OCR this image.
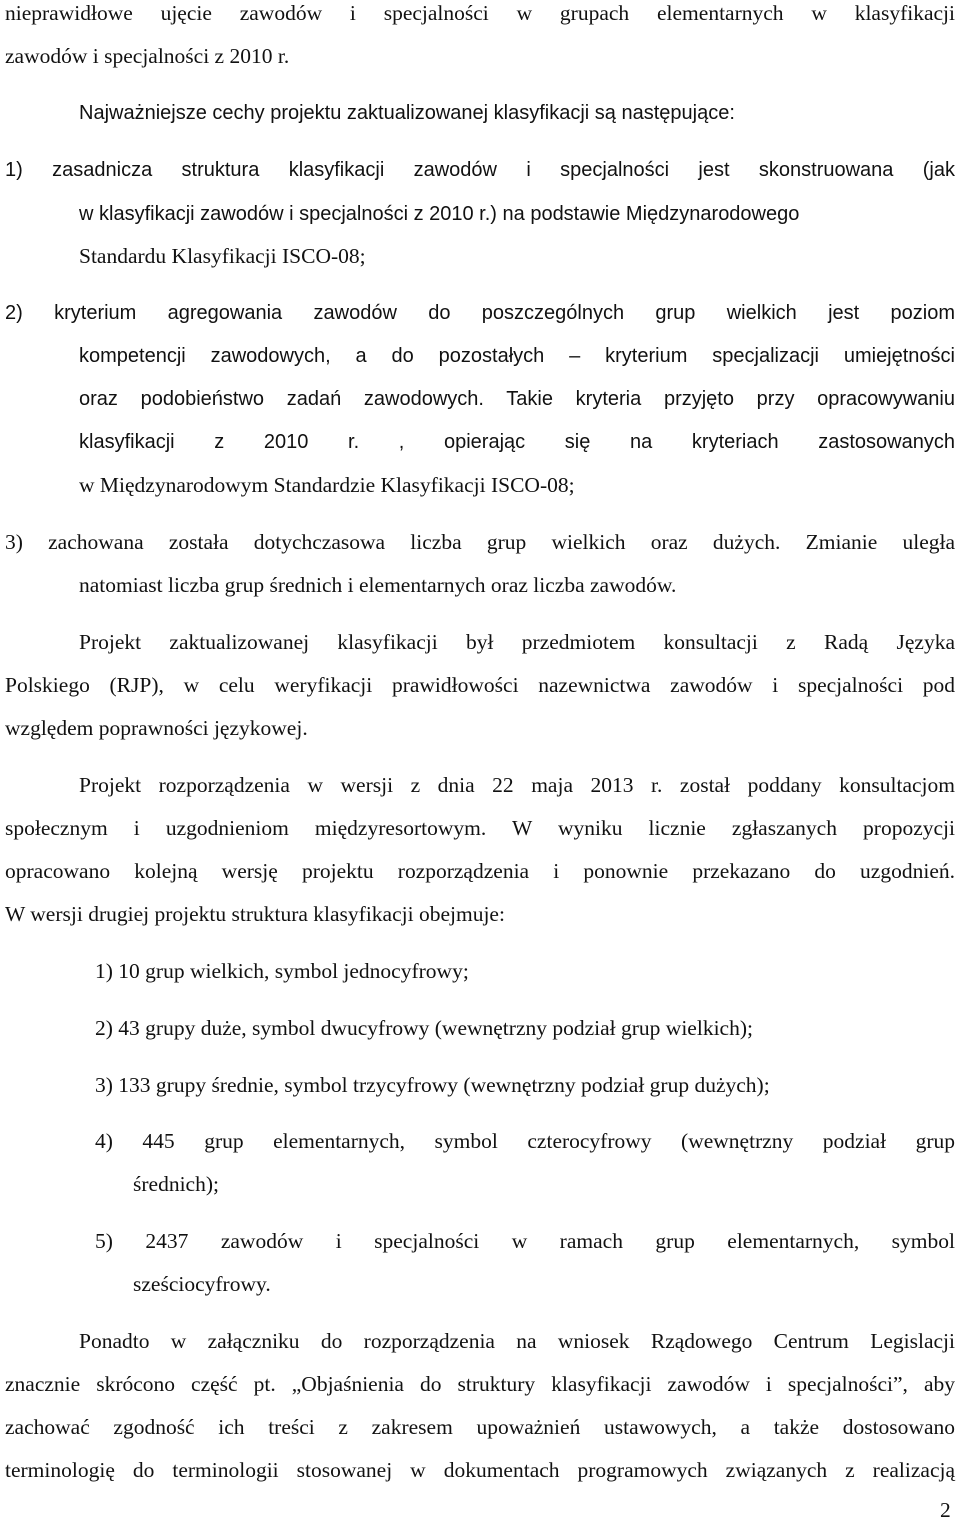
nieprawidłowe ujęcie zawodów i specjalności w grupach elementarnych w klasyfikacji
zawodów i specjalności z 2010 r.
Najważniejsze cechy projektu zaktualizowanej klasyfikacji są następujące:
1) zasadnicza struktura klasyfikacji zawodów i specjalności jest skonstruowana (jak
w klasyfikacji zawodów i specjalności z 2010 r.) na podstawie Międzynarodowego
Standardu Klasyfikacji ISCO-08;
2) kryterium agregowania zawodów do poszczególnych grup wielkich jest poziom
kompetencji zawodowych, a do pozostałych – kryterium specjalizacji umiejętności
oraz podobieństwo zadań zawodowych. Takie kryteria przyjęto przy opracowywaniu
klasyfikacji z 2010 r. , opierając się na kryteriach zastosowanych
w Międzynarodowym Standardzie Klasyfikacji ISCO-08;
3) zachowana została dotychczasowa liczba grup wielkich oraz dużych. Zmianie uległa
natomiast liczba grup średnich i elementarnych oraz liczba zawodów.
Projekt zaktualizowanej klasyfikacji był przedmiotem konsultacji z Radą Języka
Polskiego (RJP), w celu weryfikacji prawidłowości nazewnictwa zawodów i specjalności pod
względem poprawności językowej.
Projekt rozporządzenia w wersji z dnia 22 maja 2013 r. został poddany konsultacjom
społecznym i uzgodnieniom międzyresortowym. W wyniku licznie zgłaszanych propozycji
opracowano kolejną wersję projektu rozporządzenia i ponownie przekazano do uzgodnień.
W wersji drugiej projektu struktura klasyfikacji obejmuje:
1) 10 grup wielkich, symbol jednocyfrowy;
2) 43 grupy duże, symbol dwucyfrowy (wewnętrzny podział grup wielkich);
3) 133 grupy średnie, symbol trzycyfrowy (wewnętrzny podział grup dużych);
4) 445 grup elementarnych, symbol czterocyfrowy (wewnętrzny podział grup
średnich);
5) 2437 zawodów i specjalności w ramach grup elementarnych, symbol
sześciocyfrowy.
Ponadto w załączniku do rozporządzenia na wniosek Rządowego Centrum Legislacji
znacznie skrócono część pt. „Objaśnienia do struktury klasyfikacji zawodów i specjalności”, aby
zachować zgodność ich treści z zakresem upoważnień ustawowych, a także dostosowano
terminologię do terminologii stosowanej w dokumentach programowych związanych z realizacją
2
